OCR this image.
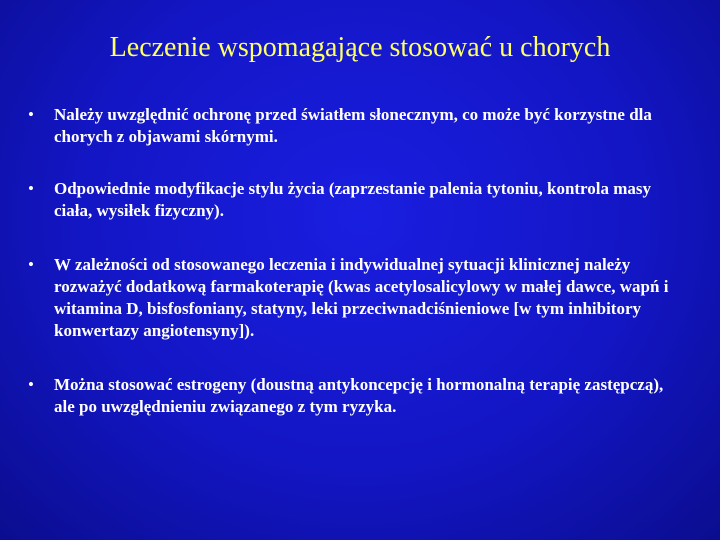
Leczenie wspomagające stosować u chorych
• Należy uwzględnić ochronę przed światłem słonecznym, co może być korzystne dla chorych z objawami skórnymi.
• Odpowiednie modyfikacje stylu życia (zaprzestanie palenia tytoniu, kontrola masy ciała, wysiłek fizyczny).
• W zależności od stosowanego leczenia i indywidualnej sytuacji klinicznej należy rozważyć dodatkową farmakoterapię (kwas acetylosalicylowy w małej dawce, wapń i witamina D, bisfosfoniany, statyny, leki przeciwnadciśnieniowe [w tym inhibitory konwertazy angiotensyny]).
• Można stosować estrogeny (doustną antykoncepcję i hormonalną terapię zastępczą), ale po uwzględnieniu związanego z tym ryzyka.
